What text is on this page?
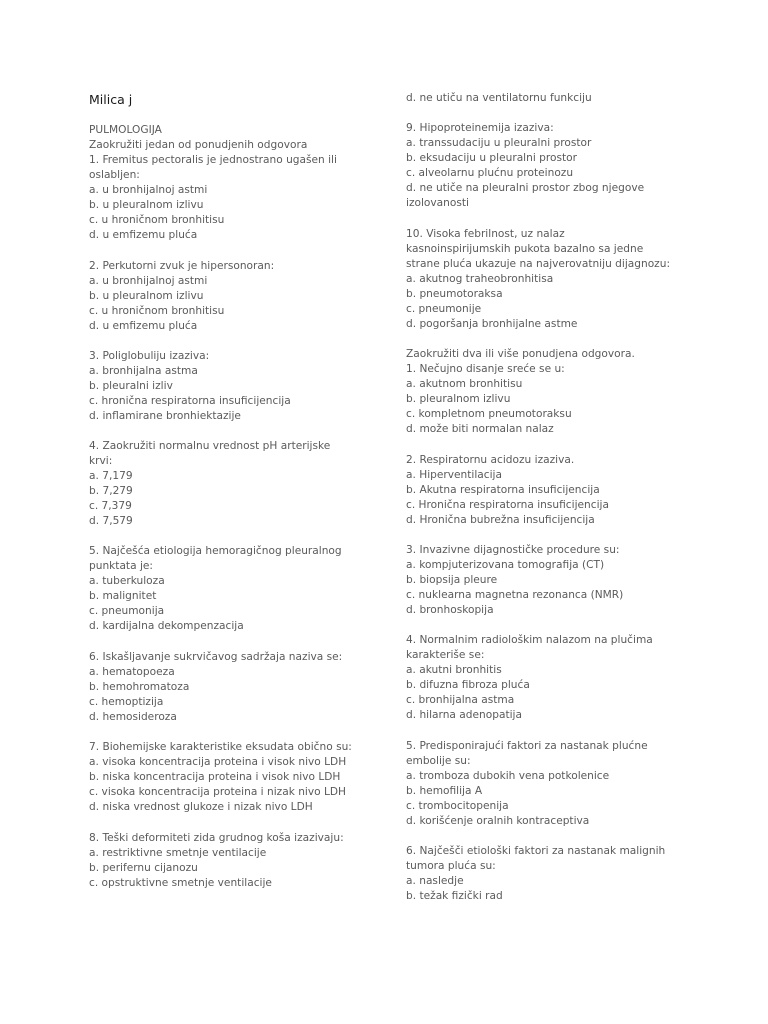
Milica j
PULMOLOGIJA
Zaokružiti jedan od ponudjenih odgovora
1. Fremitus pectoralis je jednostrano ugašen ili
oslabljen:
a. u bronhijalnoj astmi
b. u pleuralnom izlivu
c. u hroničnom bronhitisu
d. u emfizemu pluća
2. Perkutorni zvuk je hipersonoran:
a. u bronhijalnoj astmi
b. u pleuralnom izlivu
c. u hroničnom bronhitisu
d. u emfizemu pluća
3. Poliglobuliju izaziva:
a. bronhijalna astma
b. pleuralni izliv
c. hronična respiratorna insuficijencija
d. inflamirane bronhiektazije
4. Zaokružiti normalnu vrednost pH arterijske
krvi:
a. 7,179
b. 7,279
c. 7,379
d. 7,579
5. Najčešća etiologija hemoragičnog pleuralnog
punktata je:
a. tuberkuloza
b. malignitet
c. pneumonija
d. kardijalna dekompenzacija
6. Iskašljavanje sukrvičavog sadržaja naziva se:
a. hematopoeza
b. hemohromatoza
c. hemoptizija
d. hemosideroza
7. Biohemijske karakteristike eksudata obično su:
a. visoka koncentracija proteina i visok nivo LDH
b. niska koncentracija proteina i visok nivo LDH
c. visoka koncentracija proteina i nizak nivo LDH
d. niska vrednost glukoze i nizak nivo LDH
8. Teški deformiteti zida grudnog koša izazivaju:
a. restriktivne smetnje ventilacije
b. perifernu cijanozu
c. opstruktivne smetnje ventilacije
d. ne utiču na ventilatornu funkciju
9. Hipoproteinemija izaziva:
a. transsudaciju u pleuralni prostor
b. eksudaciju u pleuralni prostor
c. alveolarnu plućnu proteinozu
d. ne utiče na pleuralni prostor zbog njegove
izolovanosti
10. Visoka febrilnost, uz nalaz
kasnoinspirijumskih pukota bazalno sa jedne
strane pluća ukazuje na najverovatniju dijagnozu:
a. akutnog traheobronhitisa
b. pneumotoraksa
c. pneumonije
d. pogoršanja bronhijalne astme
Zaokružiti dva ili više ponudjena odgovora.
1. Nečujno disanje sreće se u:
a. akutnom bronhitisu
b. pleuralnom izlivu
c. kompletnom pneumotoraksu
d. može biti normalan nalaz
2. Respiratornu acidozu izaziva.
a. Hiperventilacija
b. Akutna respiratorna insuficijencija
c. Hronična respiratorna insuficijencija
d. Hronična bubrežna insuficijencija
3. Invazivne dijagnostičke procedure su:
a. kompjuterizovana tomografija (CT)
b. biopsija pleure
c. nuklearna magnetna rezonanca (NMR)
d. bronhoskopija
4. Normalnim radiološkim nalazom na plučima
karakteriše se:
a. akutni bronhitis
b. difuzna fibroza pluća
c. bronhijalna astma
d. hilarna adenopatija
5. Predisponirajući faktori za nastanak plućne
embolije su:
a. tromboza dubokih vena potkolenice
b. hemofilija A
c. trombocitopenija
d. korišćenje oralnih kontraceptiva
6. Najčešči etiološki faktori za nastanak malignih
tumora pluća su:
a. nasledje
b. težak fizički rad
